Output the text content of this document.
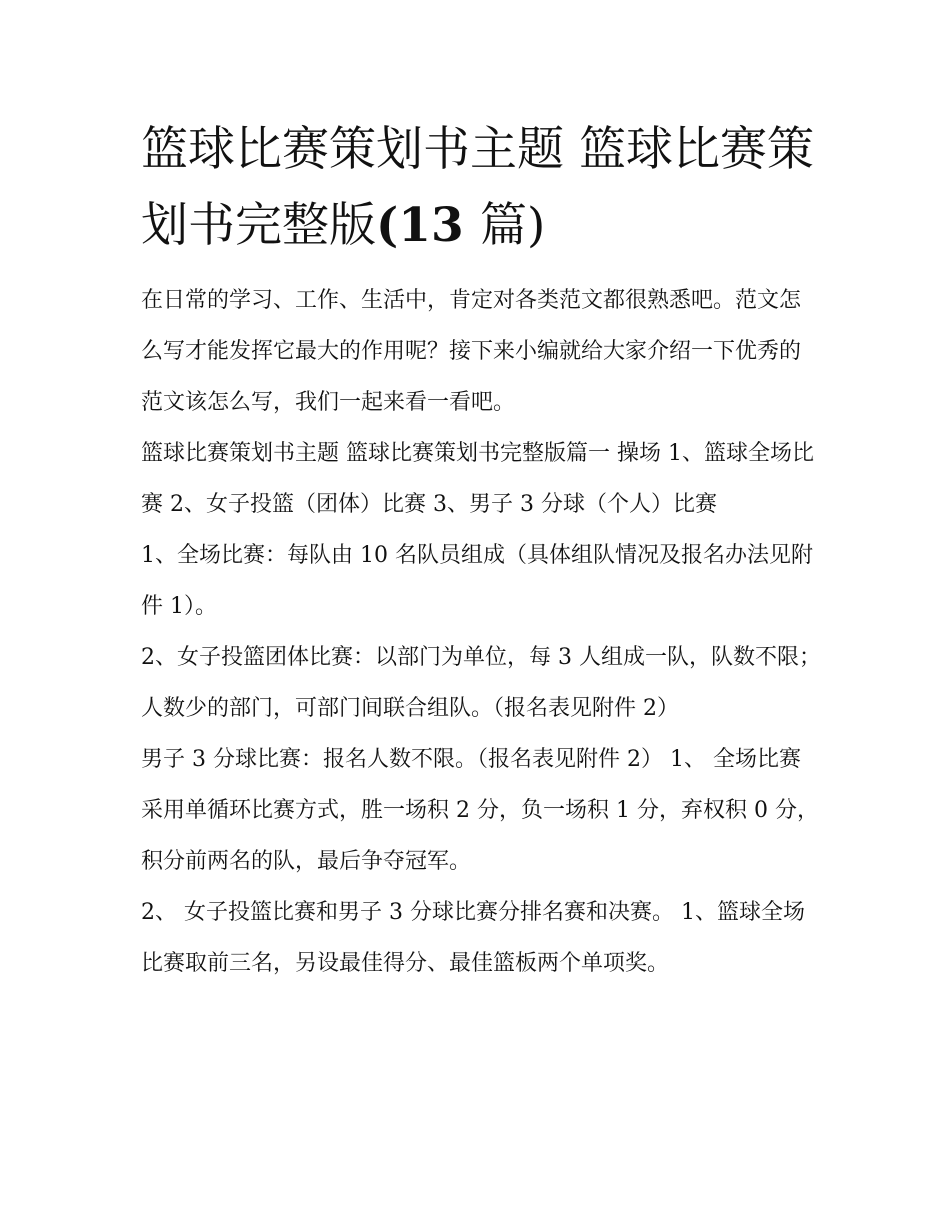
篮球比赛策划书主题 篮球比赛策划书完整版(13 篇)

在日常的学习、工作、生活中，肯定对各类范文都很熟悉吧。范文怎么写才能发挥它最大的作用呢？接下来小编就给大家介绍一下优秀的范文该怎么写，我们一起来看一看吧。

篮球比赛策划书主题 篮球比赛策划书完整版篇一 操场 1、篮球全场比赛 2、女子投篮（团体）比赛 3、男子 3 分球（个人）比赛

1、全场比赛：每队由 10 名队员组成（具体组队情况及报名办法见附件 1）。

2、女子投篮团体比赛：以部门为单位，每 3 人组成一队，队数不限；人数少的部门，可部门间联合组队。（报名表见附件 2）

男子 3 分球比赛：报名人数不限。（报名表见附件 2） 1、 全场比赛采用单循环比赛方式，胜一场积 2 分，负一场积 1 分，弃权积 0 分，积分前两名的队，最后争夺冠军。

2、 女子投篮比赛和男子 3 分球比赛分排名赛和决赛。 1、篮球全场比赛取前三名，另设最佳得分、最佳篮板两个单项奖。
